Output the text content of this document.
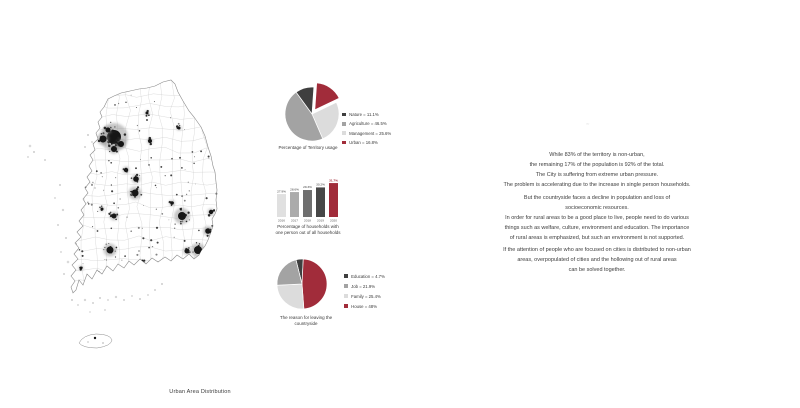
Urban Area Distribution
Nature = 11.1%
Agriculture = 46.5%
Management = 25.6%
Urban = 16.8%
Percentage of Territory usage
27.9%
2016
28.6%
2017
29.3%
2018
30.2%
2019
31.7%
2020
Percentage of households with
one person out of all households
Education = 4.7%
Job = 21.9%
Family = 25.4%
House = 48%
The reason for leaving the
countryside
~

While 83% of the territory is non-urban,
the remaining 17% of the population is 92% of the total.
The City is suffering from extreme urban pressure.
The problem is accelerating due to the increase in single person households.

But the countryside faces a decline in population and loss of
socioeconomic resources.
In order for rural areas to be a good place to live, people need to do various
things such as welfare, culture, environment and education. The importance
of rural areas is emphasized, but such an environment is not supported.

If the attention of people who are focused on cities is distributed to non-urban
areas, overpopulated of cities and the hollowing out of rural areas
can be solved together.
